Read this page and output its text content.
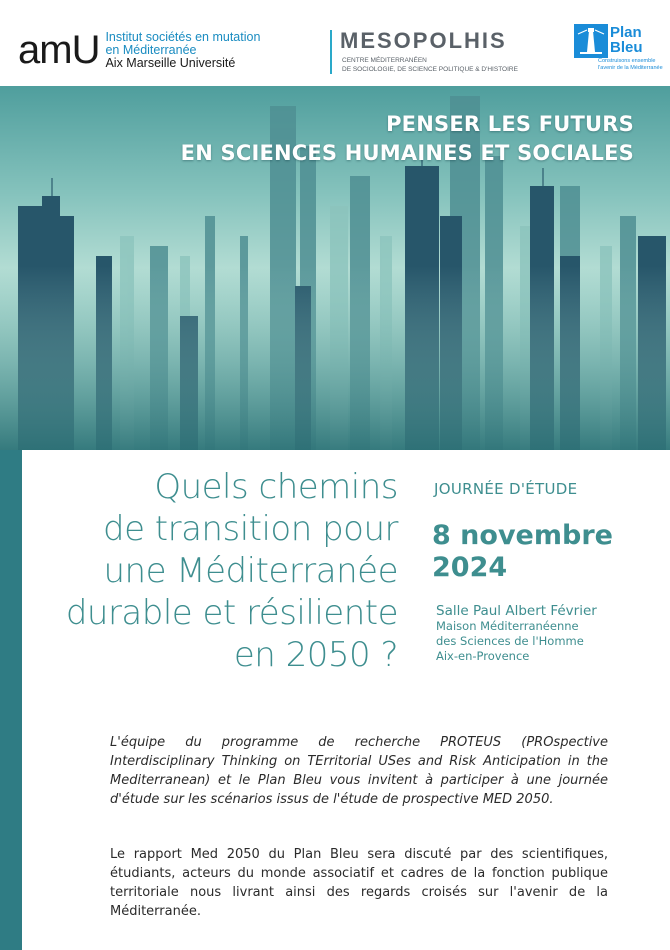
amU Institut sociétés en mutation
en Méditerranée
Aix Marseille Université
MESOPOLHIS
CENTRE MÉDITERRANÉEN
DE SOCIOLOGIE, DE SCIENCE POLITIQUE & D'HISTOIRE
Plan
Bleu
Construisons ensemble
l'avenir de la Méditerranée
PENSER LES FUTURS
EN SCIENCES HUMAINES ET SOCIALES
Quels chemins
de transition pour
une Méditerranée
durable et résiliente
en 2050 ?
JOURNÉE D'ÉTUDE
8 novembre
2024
Salle Paul Albert Février
Maison Méditerranéenne
des Sciences de l'Homme
Aix-en-Provence

L'équipe du programme de recherche PROTEUS (PROspective Interdisciplinary Thinking on TErritorial USes and Risk Anticipation in the Mediterranean) et le Plan Bleu vous invitent à participer à une journée d'étude sur les scénarios issus de l'étude de prospective MED 2050.

Le rapport Med 2050 du Plan Bleu sera discuté par des scientifiques, étudiants, acteurs du monde associatif et cadres de la fonction publique territoriale nous livrant ainsi des regards croisés sur l'avenir de la Méditerranée.
